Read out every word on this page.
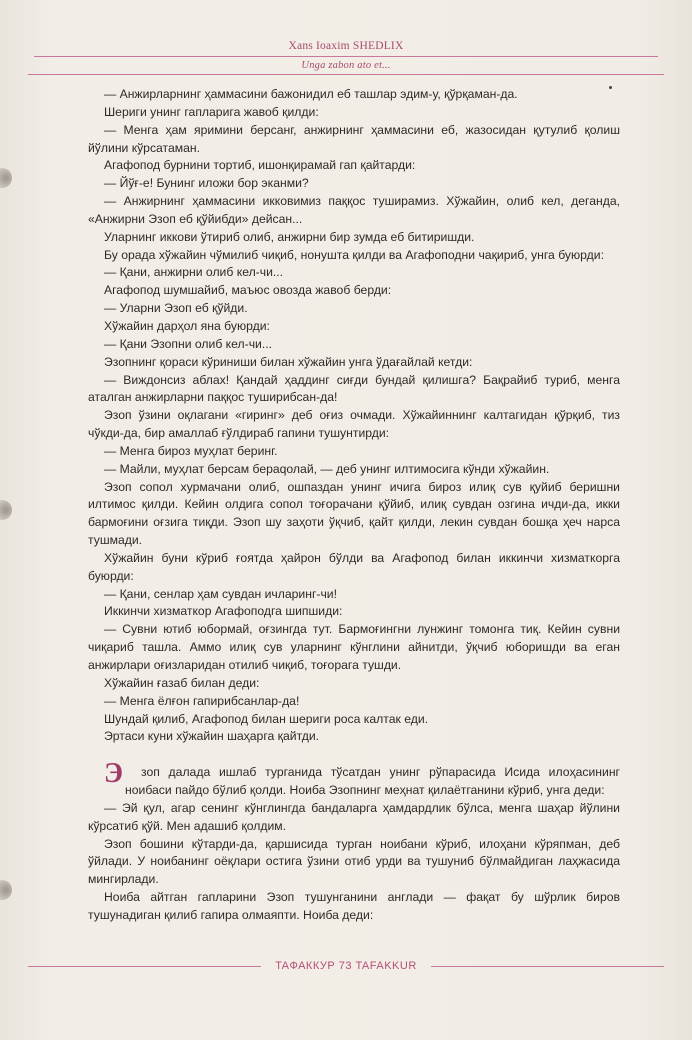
Xans Ioaxim SHEDLIX
Unga zabon ato et...

— Анжирларнинг ҳаммасини бажонидил еб ташлар эдим-у, қўрқаман-да.

Шериги унинг гапларига жавоб қилди:

— Менга ҳам яримини берсанг, анжирнинг ҳаммасини еб, жазосидан қутулиб қолиш йўлини кўрсатаман.

Агафопод бурнини тортиб, ишонқирамай гап қайтарди:

— Йўғ-е! Бунинг иложи бор эканми?

— Анжирнинг ҳаммасини икковимиз паққос туширамиз. Хўжайин, олиб кел, деганда, «Анжирни Эзоп еб қўйибди» дейсан...

Уларнинг иккови ўтириб олиб, анжирни бир зумда еб битиришди.

Бу орада хўжайин чўмилиб чиқиб, нонушта қилди ва Агафоподни чақириб, унга буюрди:

— Қани, анжирни олиб кел-чи...

Агафопод шумшайиб, маъюс овозда жавоб берди:

— Уларни Эзоп еб қўйди.

Хўжайин дарҳол яна буюрди:

— Қани Эзопни олиб кел-чи...

Эзопнинг қораси кўриниши билан хўжайин унга ўдағайлай кетди:

— Виждонсиз аблах! Қандай ҳаддинг сиғди бундай қилишга? Бақрайиб туриб, менга аталган анжирларни паққос туширибсан-да!

Эзоп ўзини оқлагани «гиринг» деб оғиз очмади. Хўжайиннинг калтагидан қўрқиб, тиз чўкди-да, бир амаллаб ғўлдираб гапини тушунтирди:

— Менга бироз муҳлат беринг.

— Майли, муҳлат берсам бераqолай, — деб унинг илтимосига кўнди хўжайин.

Эзоп сопол хурмачани олиб, ошпаздан унинг ичига бироз илиқ сув қуйиб беришни илтимос қилди. Кейин олдига сопол тоғорачани қўйиб, илиқ сувдан озгина ичди-да, икки бармоғини оғзига тиқди. Эзоп шу заҳоти ўқчиб, қайт қилди, лекин сувдан бошқа ҳеч нарса тушмади.

Хўжайин буни кўриб ғоятда ҳайрон бўлди ва Агафопод билан иккинчи хизматкорга буюрди:

— Қани, сенлар ҳам сувдан ичларинг-чи!

Иккинчи хизматкор Агафоподга шипшиди:

— Сувни ютиб юбормай, оғзингда тут. Бармоғингни лунжинг томонга тиқ. Кейин сувни чиқариб ташла. Аммо илиқ сув уларнинг кўнглини айнитди, ўқчиб юборишди ва еган анжирлари оғизларидан отилиб чиқиб, тоғорага тушди.

Хўжайин ғазаб билан деди:

— Менга ёлғон гапирибсанлар-да!

Шундай қилиб, Агафопод билан шериги роса калтак еди.

Эртаси куни хўжайин шаҳарга қайтди.

Э зоп далада ишлаб турганида тўсатдан унинг рўпарасида Исида илоҳасининг ноибаси пайдо бўлиб қолди. Ноиба Эзопнинг меҳнат қилаётганини кўриб, унга деди:

— Эй қул, агар сенинг кўнглингда бандаларга ҳамдардлик бўлса, менга шаҳар йўлини кўрсатиб қўй. Мен адашиб қолдим.

Эзоп бошини кўтарди-да, қаршисида турган ноибани кўриб, илоҳани кўряпман, деб ўйлади. У ноибанинг оёқлари остига ўзини отиб урди ва тушуниб бўлмайдиган лаҳжасида мингирлади.

Ноиба айтган гапларини Эзоп тушунганини англади — фақат бу шўрлик биров тушунадиган қилиб гапира олмаяпти. Ноиба деди:

TAФАККУР 73 TAFAKKUR
